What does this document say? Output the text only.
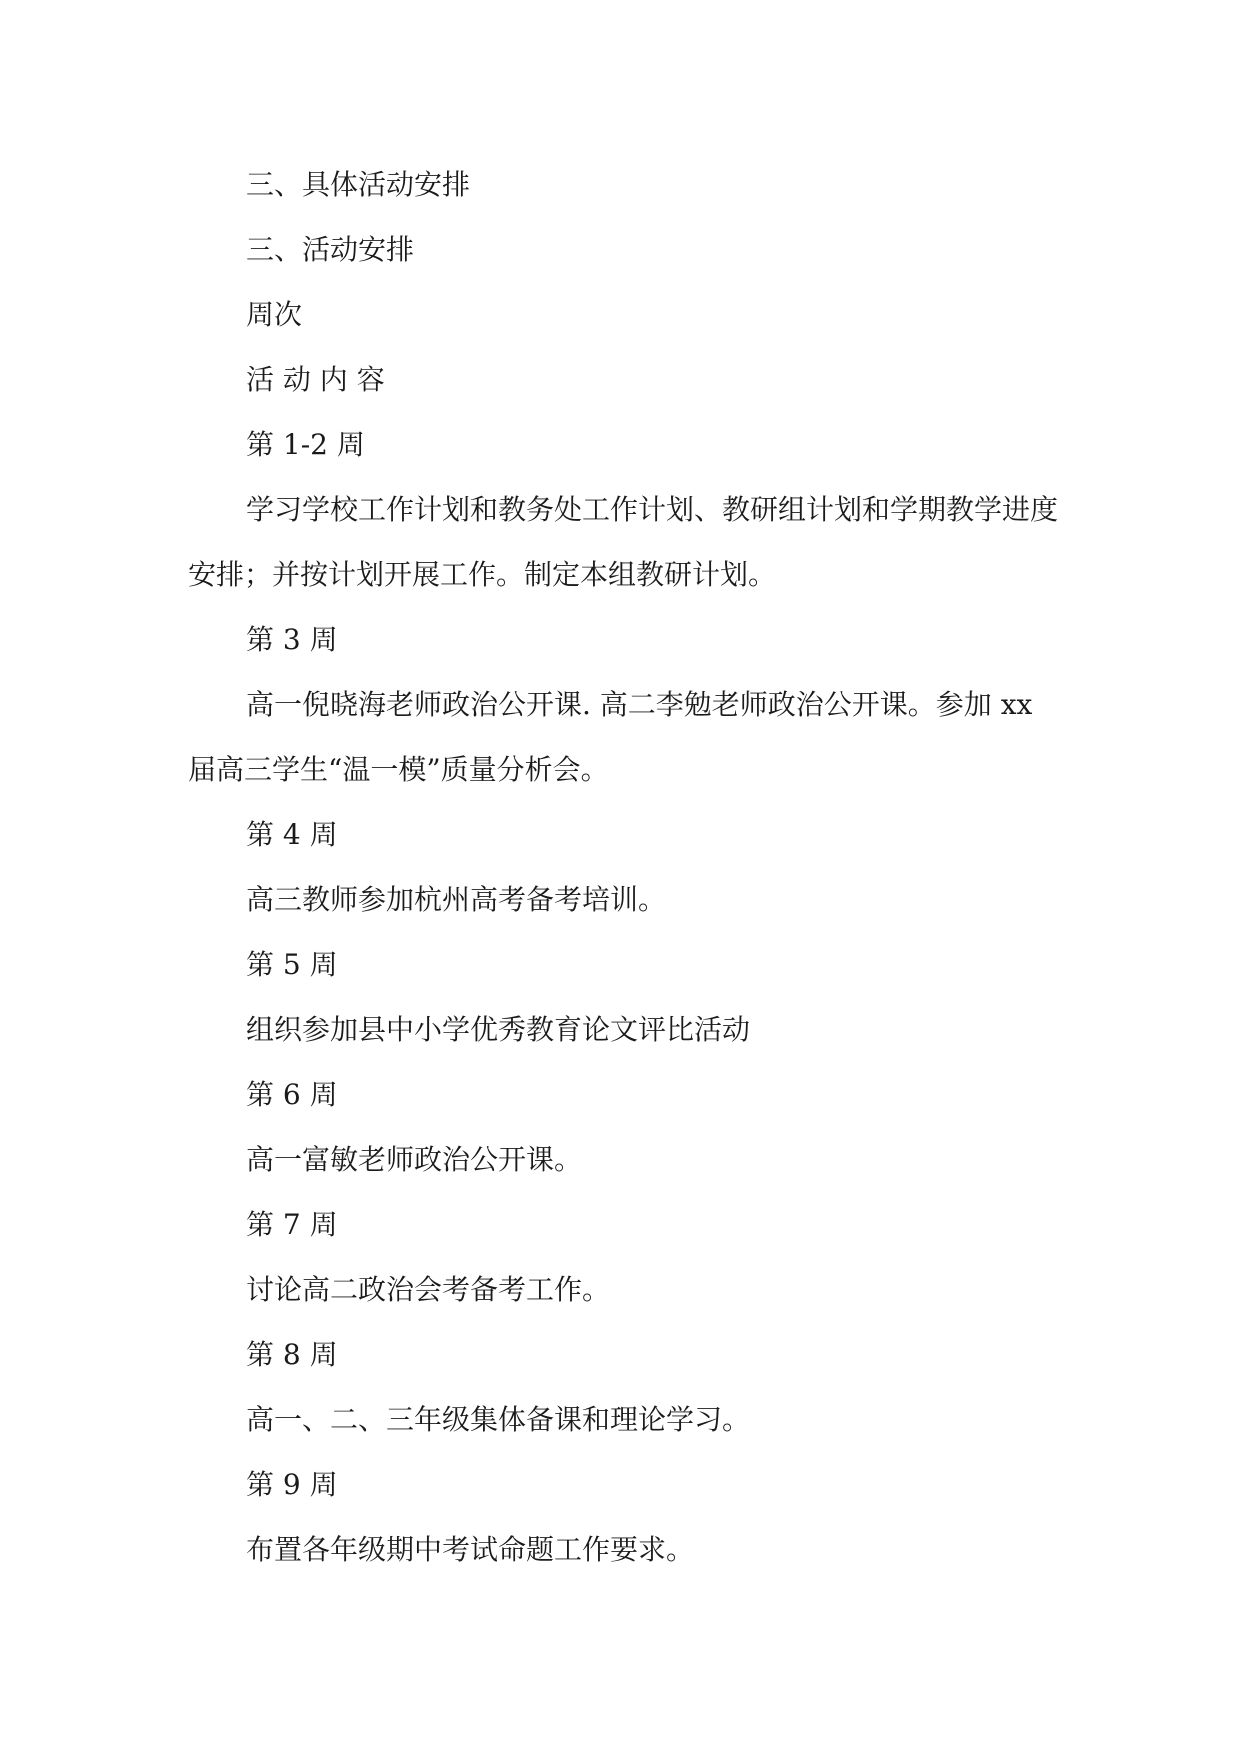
三、具体活动安排

三、活动安排

周次

活 动 内 容

第 1-2 周

学习学校工作计划和教务处工作计划、教研组计划和学期教学进度安排；并按计划开展工作。制定本组教研计划。

第 3 周

高一倪晓海老师政治公开课. 高二李勉老师政治公开课。参加 xx 届高三学生“温一模”质量分析会。

第 4 周

高三教师参加杭州高考备考培训。

第 5 周

组织参加县中小学优秀教育论文评比活动

第 6 周

高一富敏老师政治公开课。

第 7 周

讨论高二政治会考备考工作。

第 8 周

高一、二、三年级集体备课和理论学习。

第 9 周

布置各年级期中考试命题工作要求。
